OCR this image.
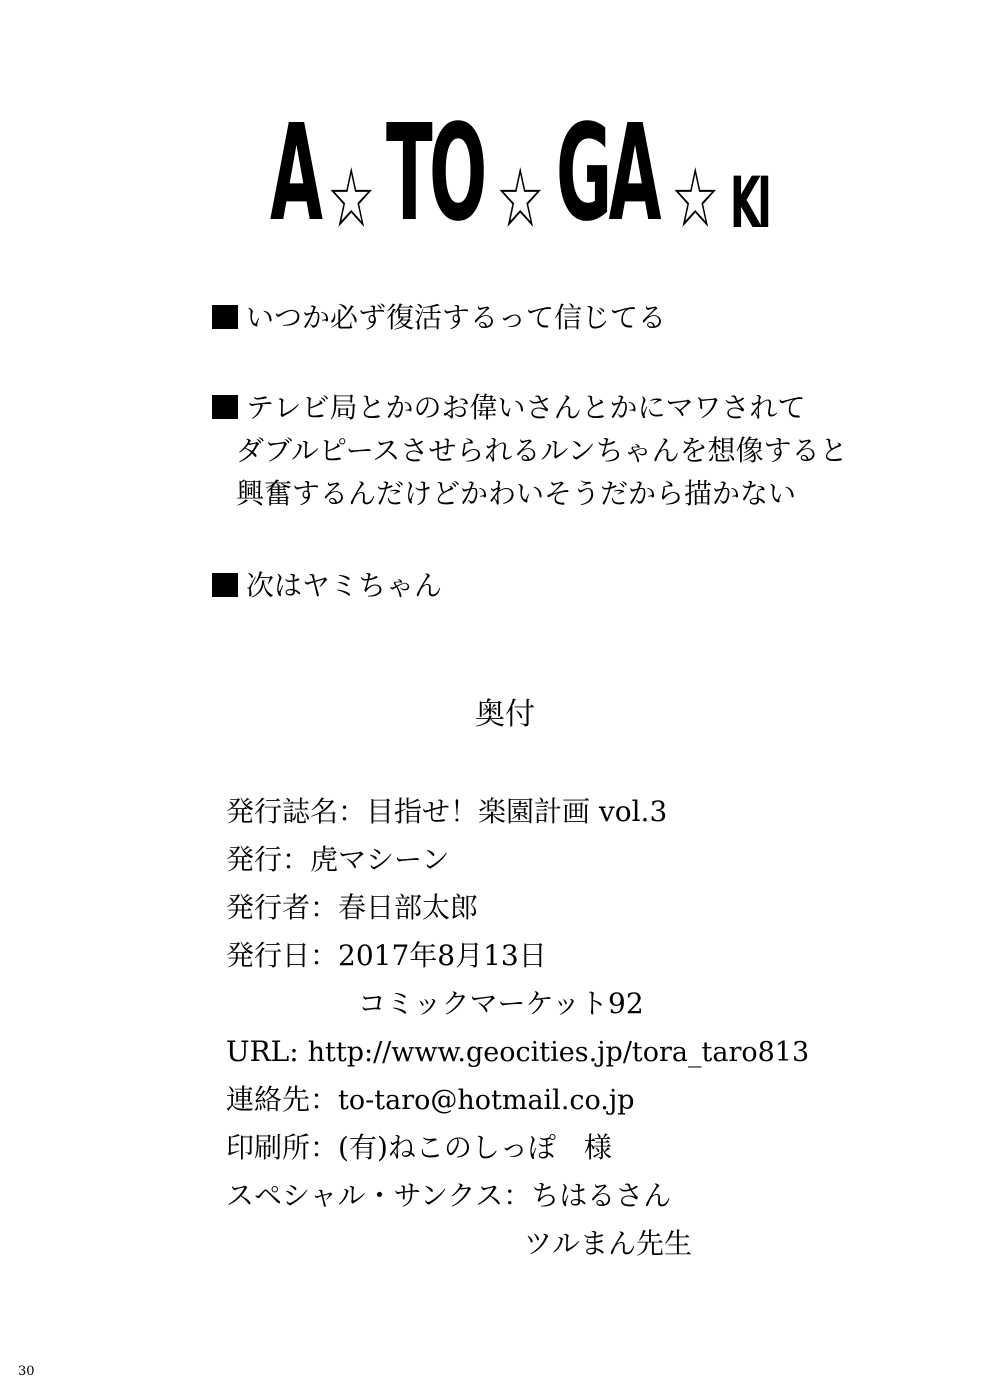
A ☆ TO ☆ GA ☆ KI
いつか必ず復活するって信じてる
テレビ局とかのお偉いさんとかにマワされて
ダブルピースさせられるルンちゃんを想像すると
興奮するんだけどかわいそうだから描かない
次はヤミちゃん
奥付
発行誌名：目指せ！楽園計画 vol.3
発行：虎マシーン
発行者：春日部太郎
発行日：2017年8月13日
コミックマーケット92
URL: http://www.geocities.jp/tora_taro813
連絡先：to-taro@hotmail.co.jp
印刷所：(有)ねこのしっぽ　様
スペシャル・サンクス：ちはるさん
ツルまん先生
30
